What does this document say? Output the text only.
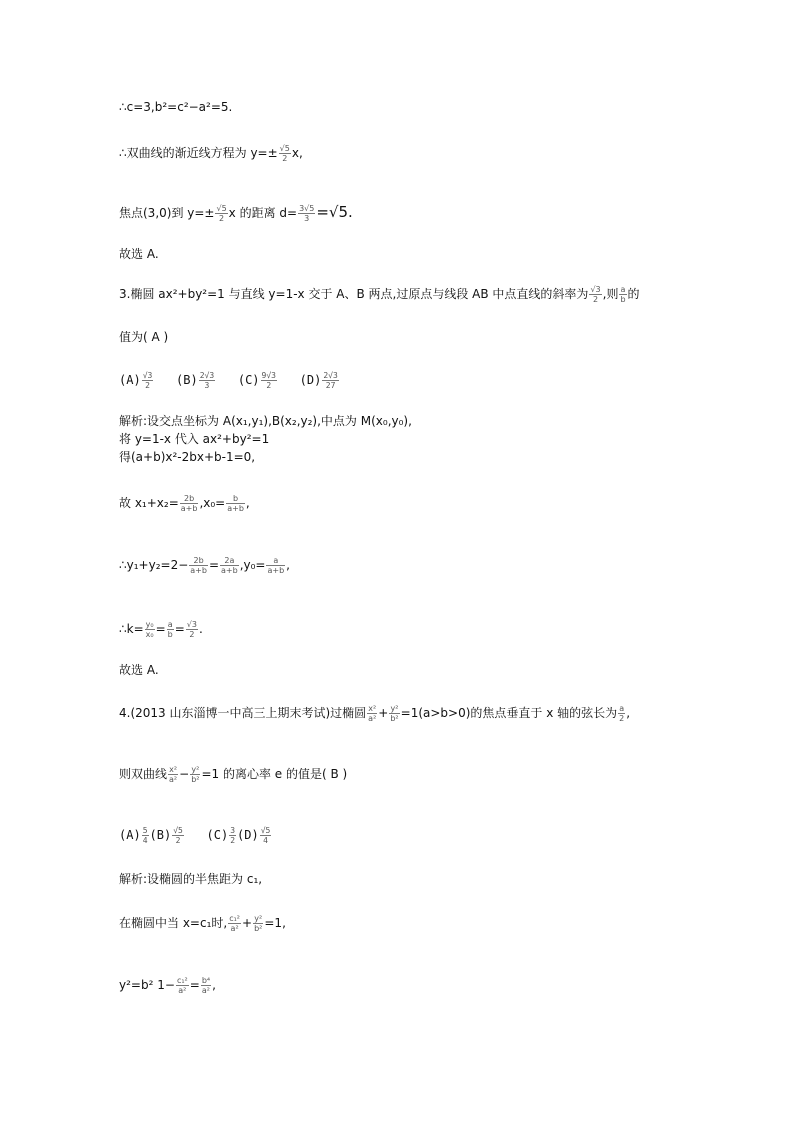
∴c=3,b²=c²−a²=5.
∴双曲线的渐近线方程为 $y=\pm \frac{√5}{2} x$,
焦点(3,0)到 $y=\pm \frac{√5}{2}$ x 的距离 $d= \frac{3√5}{3} =√5$.
故选 A.
3.椭圆 ax²+by²=1 与直线 y=1-x 交于 A、B 两点,过原点与线段 AB 中点直线的斜率为 $\frac{√3}{2}$ ,则 $\frac{a}{b}$ 的
值为( A )
$(A) \frac{√3}{2} (B) \frac{2√3}{3} (C) \frac{9√3}{2} (D) \frac{2√3}{27}$
解析:设交点坐标为 A(x₁,y₁),B(x₂,y₂),中点为 M(x₀,y₀),
将 y=1-x 代入 ax²+by²=1
得(a+b)x²-2bx+b-1=0,
故 $x_1+x_2= \frac{2b}{a+b} ,x_0= \frac{b}{a+b}$ ,
∴y₁+y₂=2− $\frac{2b}{a+b} = \frac{2a}{a+b} ,y_0= \frac{a}{a+b}$ ,
∴k= $\frac{\text{y₀}}{\text{x₀}} = \frac{a}{b} = \frac{√3}{2}$ .
故选 A.
4.(2013 山东淄博一中高三上期末考试)过椭圆 $\frac{\text{x²}}{\text{a²}} + \frac{\text{y²}}{\text{b²}} =1(a>b>0)$的焦点垂直于 x 轴的弦长为 $\frac{a}{2}$ ,
则双曲线 $\frac{\text{x²}}{\text{a²}} - \frac{\text{y²}}{\text{b²}} =1$ 的离心率 e 的值是( B )
$(A) \frac{5}{4} (B) \frac{√5}{2} (C) \frac{3}{2} (D) \frac{√5}{4}$
解析:设椭圆的半焦距为 c₁,
在椭圆中当 x=c₁时, $\frac{\text{c₁²}}{\text{a²}} + \frac{\text{y²}}{\text{b²}} =1$,
y²=b² $1- \frac{\text{c₁²}}{\text{a²}} = \frac{\text{b⁴}}{\text{a²}}$ ,
